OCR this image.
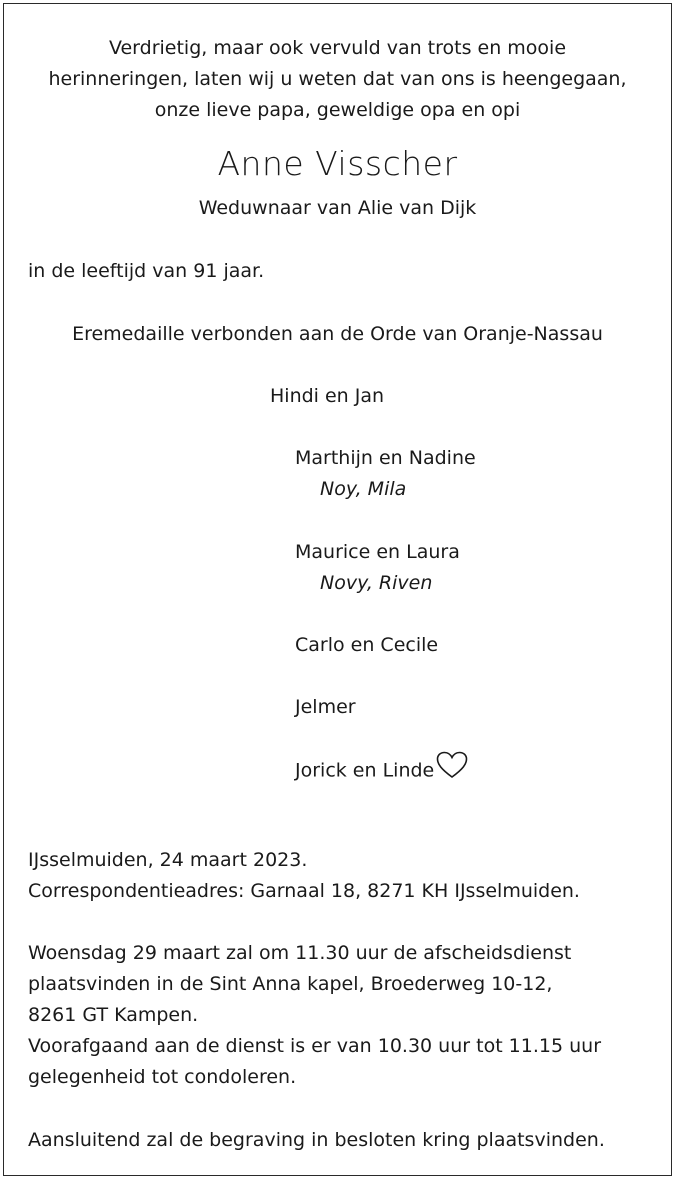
Verdrietig, maar ook vervuld van trots en mooie
herinneringen, laten wij u weten dat van ons is heengegaan,
onze lieve papa, geweldige opa en opi
Anne Visscher
Weduwnaar van Alie van Dijk
in de leeftijd van 91 jaar.
Eremedaille verbonden aan de Orde van Oranje-Nassau
Hindi en Jan
Marthijn en Nadine
Noy, Mila
Maurice en Laura
Novy, Riven
Carlo en Cecile
Jelmer
Jorick en Linde
IJsselmuiden, 24 maart 2023.
Correspondentieadres: Garnaal 18, 8271 KH IJsselmuiden.
Woensdag 29 maart zal om 11.30 uur de afscheidsdienst
plaatsvinden in de Sint Anna kapel, Broederweg 10-12,
8261 GT Kampen.
Voorafgaand aan de dienst is er van 10.30 uur tot 11.15 uur
gelegenheid tot condoleren.
Aansluitend zal de begraving in besloten kring plaatsvinden.
